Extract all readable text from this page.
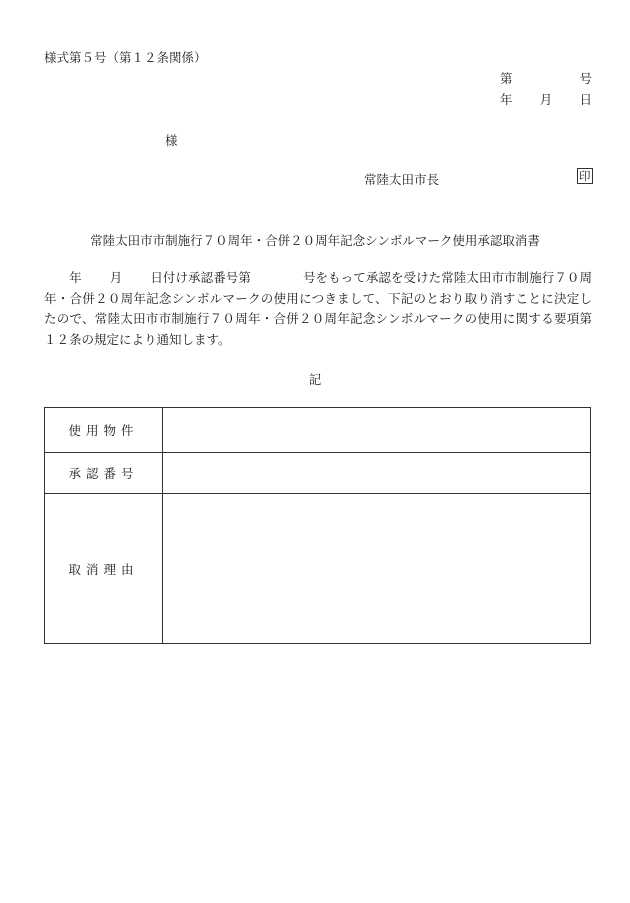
様式第５号（第１２条関係）
第	号
年 月 日
様
常陸太田市長	印
常陸太田市市制施行７０周年・合併２０周年記念シンボルマーク使用承認取消書
年 月 日付け承認番号第	号をもって承認を受けた常陸太田市市制施行７０周年・合併２０周年記念シンボルマークの使用につきまして、下記のとおり取り消すことに決定したので、常陸太田市市制施行７０周年・合併２０周年記念シンボルマークの使用に関する要項第１２条の規定により通知します。
記
使用物件	
承認番号	
取消理由	
